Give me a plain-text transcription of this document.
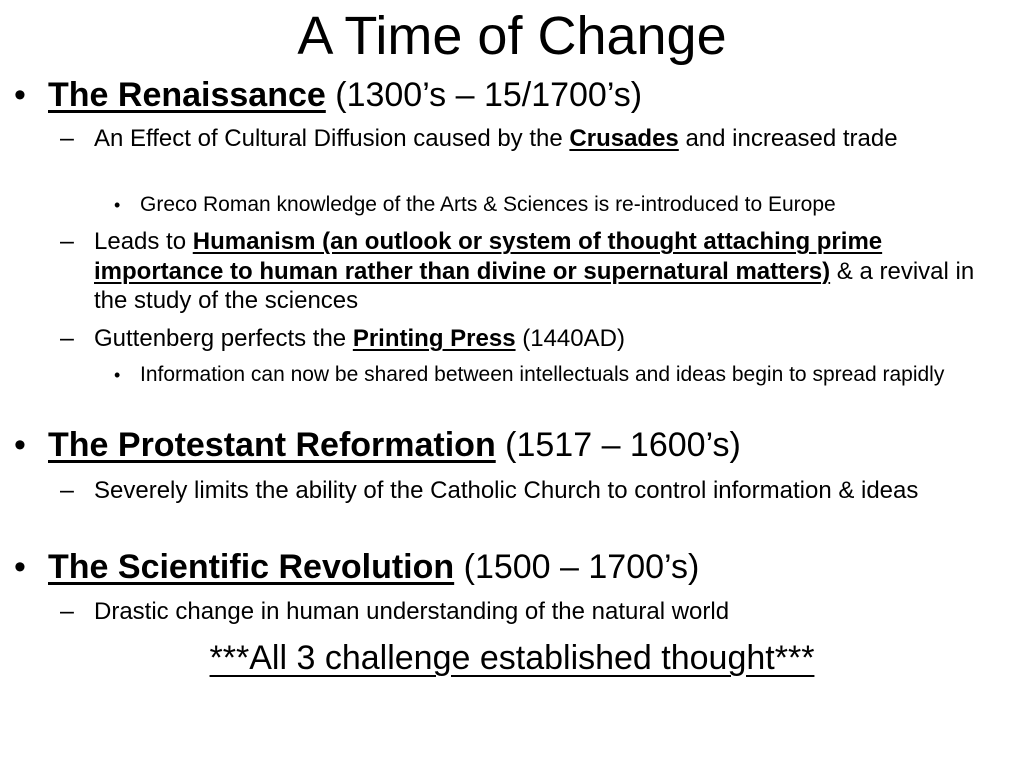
A Time of Change
• The Renaissance (1300’s – 15/1700’s)
– An Effect of Cultural Diffusion caused by the Crusades and increased trade
• Greco Roman knowledge of the Arts & Sciences is re-introduced to Europe
– Leads to Humanism (an outlook or system of thought attaching prime importance to human rather than divine or supernatural matters) & a revival in the study of the sciences
– Guttenberg perfects the Printing Press (1440AD)
• Information can now be shared between intellectuals and ideas begin to spread rapidly
• The Protestant Reformation (1517 – 1600’s)
– Severely limits the ability of the Catholic Church to control information & ideas
• The Scientific Revolution (1500 – 1700’s)
– Drastic change in human understanding of the natural world
***All 3 challenge established thought***
